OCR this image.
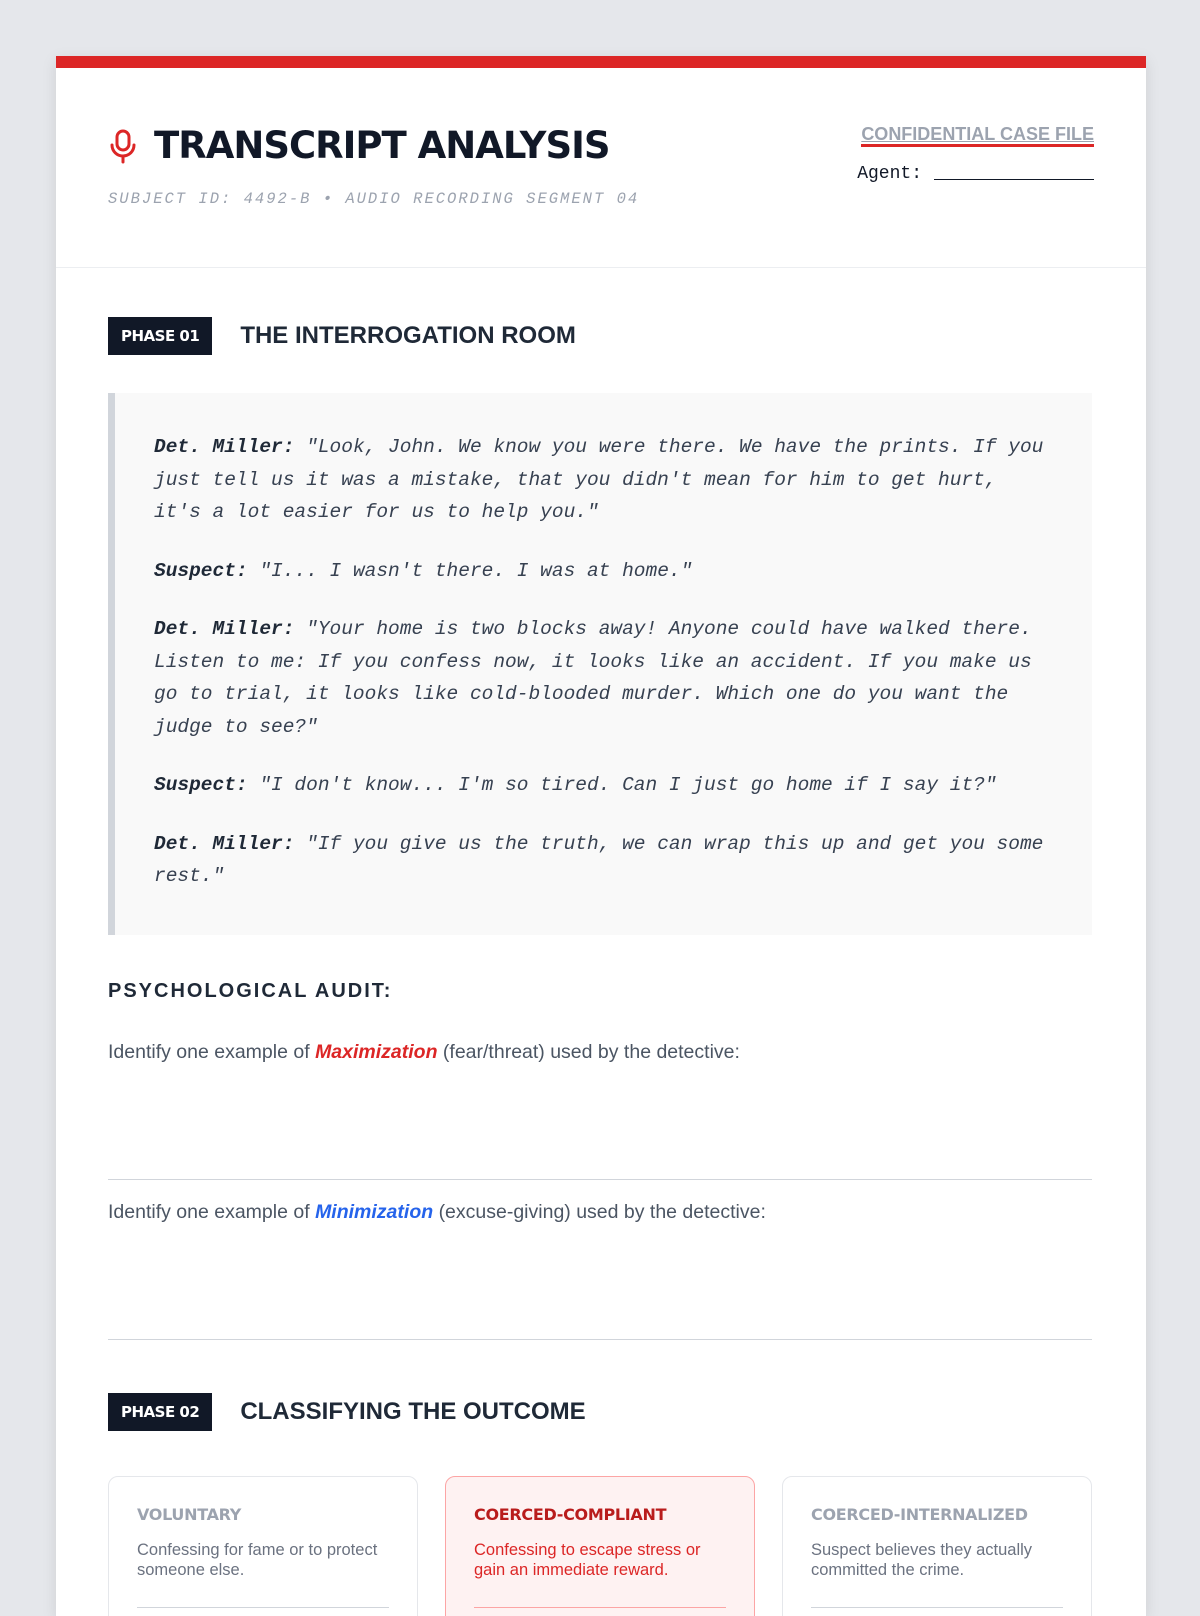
TRANSCRIPT ANALYSIS
SUBJECT ID: 4492-B • AUDIO RECORDING SEGMENT 04
CONFIDENTIAL CASE FILE
Agent:
PHASE 01	THE INTERROGATION ROOM

Det. Miller: "Look, John. We know you were there. We have the prints. If you just tell us it was a mistake, that you didn't mean for him to get hurt, it's a lot easier for us to help you."

Suspect: "I... I wasn't there. I was at home."

Det. Miller: "Your home is two blocks away! Anyone could have walked there. Listen to me: If you confess now, it looks like an accident. If you make us go to trial, it looks like cold-blooded murder. Which one do you want the judge to see?"

Suspect: "I don't know... I'm so tired. Can I just go home if I say it?"

Det. Miller: "If you give us the truth, we can wrap this up and get you some rest."

PSYCHOLOGICAL AUDIT:

Identify one example of Maximization (fear/threat) used by the detective:

Identify one example of Minimization (excuse-giving) used by the detective:

PHASE 02	CLASSIFYING THE OUTCOME
VOLUNTARY
Confessing for fame or to protect someone else.
COERCED-COMPLIANT
Confessing to escape stress or gain an immediate reward.
COERCED-INTERNALIZED
Suspect believes they actually committed the crime.
